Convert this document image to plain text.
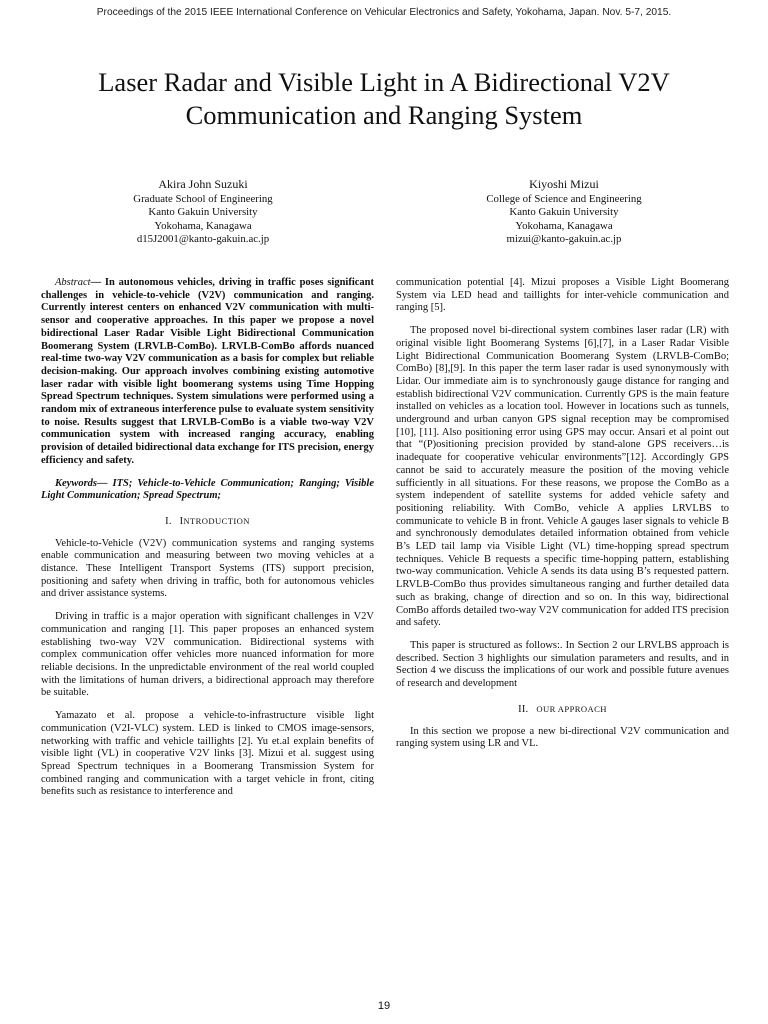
Proceedings of the 2015 IEEE International Conference on Vehicular Electronics and Safety, Yokohama, Japan. Nov. 5-7, 2015.
Laser Radar and Visible Light in A Bidirectional V2V Communication and Ranging System
Akira John Suzuki
Graduate School of Engineering
Kanto Gakuin University
Yokohama, Kanagawa
d15J2001@kanto-gakuin.ac.jp
Kiyoshi Mizui
College of Science and Engineering
Kanto Gakuin University
Yokohama, Kanagawa
mizui@kanto-gakuin.ac.jp

Abstract— In autonomous vehicles, driving in traffic poses significant challenges in vehicle-to-vehicle (V2V) communication and ranging. Currently interest centers on enhanced V2V communication with multi-sensor and cooperative approaches. In this paper we propose a novel bidirectional Laser Radar Visible Light Bidirectional Communication Boomerang System (LRVLB-ComBo). LRVLB-ComBo affords nuanced real-time two-way V2V communication as a basis for complex but reliable decision-making. Our approach involves combining existing automotive laser radar with visible light boomerang systems using Time Hopping Spread Spectrum techniques. System simulations were performed using a random mix of extraneous interference pulse to evaluate system sensitivity to noise. Results suggest that LRVLB-ComBo is a viable two-way V2V communication system with increased ranging accuracy, enabling provision of detailed bidirectional data exchange for ITS precision, energy efficiency and safety.

Keywords— ITS; Vehicle-to-Vehicle Communication; Ranging; Visible Light Communication; Spread Spectrum;

I. INTRODUCTION

Vehicle-to-Vehicle (V2V) communication systems and ranging systems enable communication and measuring between two moving vehicles at a distance. These Intelligent Transport Systems (ITS) support precision, positioning and safety when driving in traffic, both for autonomous vehicles and driver assistance systems.

Driving in traffic is a major operation with significant challenges in V2V communication and ranging [1]. This paper proposes an enhanced system establishing two-way V2V communication. Bidirectional systems with complex communication offer vehicles more nuanced information for more reliable decisions. In the unpredictable environment of the real world coupled with the limitations of human drivers, a bidirectional approach may therefore be suitable.

Yamazato et al. propose a vehicle-to-infrastructure visible light communication (V2I-VLC) system. LED is linked to CMOS image-sensors, networking with traffic and vehicle taillights [2]. Yu et.al explain benefits of visible light (VL) in cooperative V2V links [3]. Mizui et al. suggest using Spread Spectrum techniques in a Boomerang Transmission System for combined ranging and communication with a target vehicle in front, citing benefits such as resistance to interference and

communication potential [4]. Mizui proposes a Visible Light Boomerang System via LED head and taillights for inter-vehicle communication and ranging [5].

The proposed novel bi-directional system combines laser radar (LR) with original visible light Boomerang Systems [6],[7], in a Laser Radar Visible Light Bidirectional Communication Boomerang System (LRVLB-ComBo; ComBo) [8],[9]. In this paper the term laser radar is used synonymously with Lidar. Our immediate aim is to synchronously gauge distance for ranging and establish bidirectional V2V communication. Currently GPS is the main feature installed on vehicles as a location tool. However in locations such as tunnels, underground and urban canyon GPS signal reception may be compromised [10], [11]. Also positioning error using GPS may occur. Ansari et al point out that “(P)ositioning precision provided by stand-alone GPS receivers…is inadequate for cooperative vehicular environments”[12]. Accordingly GPS cannot be said to accurately measure the position of the moving vehicle sufficiently in all situations. For these reasons, we propose the ComBo as a system independent of satellite systems for added vehicle safety and positioning reliability. With ComBo, vehicle A applies LRVLBS to communicate to vehicle B in front. Vehicle A gauges laser signals to vehicle B and synchronously demodulates detailed information obtained from vehicle B’s LED tail lamp via Visible Light (VL) time-hopping spread spectrum techniques. Vehicle B requests a specific time-hopping pattern, establishing two-way communication. Vehicle A sends its data using B’s requested pattern. LRVLB-ComBo thus provides simultaneous ranging and further detailed data such as braking, change of direction and so on. In this way, bidirectional ComBo affords detailed two-way V2V communication for added ITS precision and safety.

This paper is structured as follows:. In Section 2 our LRVLBS approach is described. Section 3 highlights our simulation parameters and results, and in Section 4 we discuss the implications of our work and possible future avenues of research and development

II. OUR APPROACH

In this section we propose a new bi-directional V2V communication and ranging system using LR and VL.

19
